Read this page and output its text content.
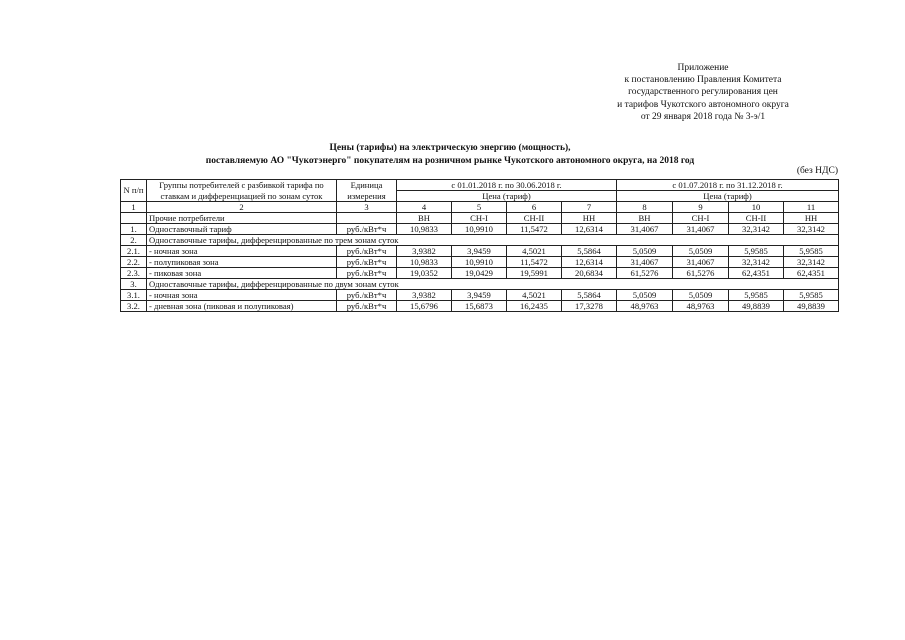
Приложение
к постановлению Правления Комитета
государственного регулирования цен
и тарифов Чукотского автономного округа
от 29 января 2018 года № 3-э/1
Цены (тарифы) на электрическую энергию (мощность),
поставляемую АО "Чукотэнерго" покупателям на розничном рынке Чукотского автономного округа, на 2018 год
(без НДС)
N п/п	Группы потребителей с разбивкой тарифа по ставкам и дифференциацией по зонам суток	Единица измерения	с 01.01.2018 г. по 30.06.2018 г.				с 01.07.2018 г. по 31.12.2018 г.			
			Цена (тариф)				Цена (тариф)			
1	2	3	4	5	6	7	8	9	10	11
	Прочие потребители		ВН	СН-I	СН-II	НН	ВН	СН-I	СН-II	НН
1.	Одноставочный тариф	руб./кВт*ч	10,9833	10,9910	11,5472	12,6314	31,4067	31,4067	32,3142	32,3142
2.	Одноставочные тарифы, дифференцированные по трем зонам суток									
2.1.	- ночная зона	руб./кВт*ч	3,9382	3,9459	4,5021	5,5864	5,0509	5,0509	5,9585	5,9585
2.2.	- полупиковая зона	руб./кВт*ч	10,9833	10,9910	11,5472	12,6314	31,4067	31,4067	32,3142	32,3142
2.3.	- пиковая зона	руб./кВт*ч	19,0352	19,0429	19,5991	20,6834	61,5276	61,5276	62,4351	62,4351
3.	Одноставочные тарифы, дифференцированные по двум зонам суток									
3.1.	- ночная зона	руб./кВт*ч	3,9382	3,9459	4,5021	5,5864	5,0509	5,0509	5,9585	5,9585
3.2.	- дневная зона (пиковая и полупиковая)	руб./кВт*ч	15,6796	15,6873	16,2435	17,3278	48,9763	48,9763	49,8839	49,8839
